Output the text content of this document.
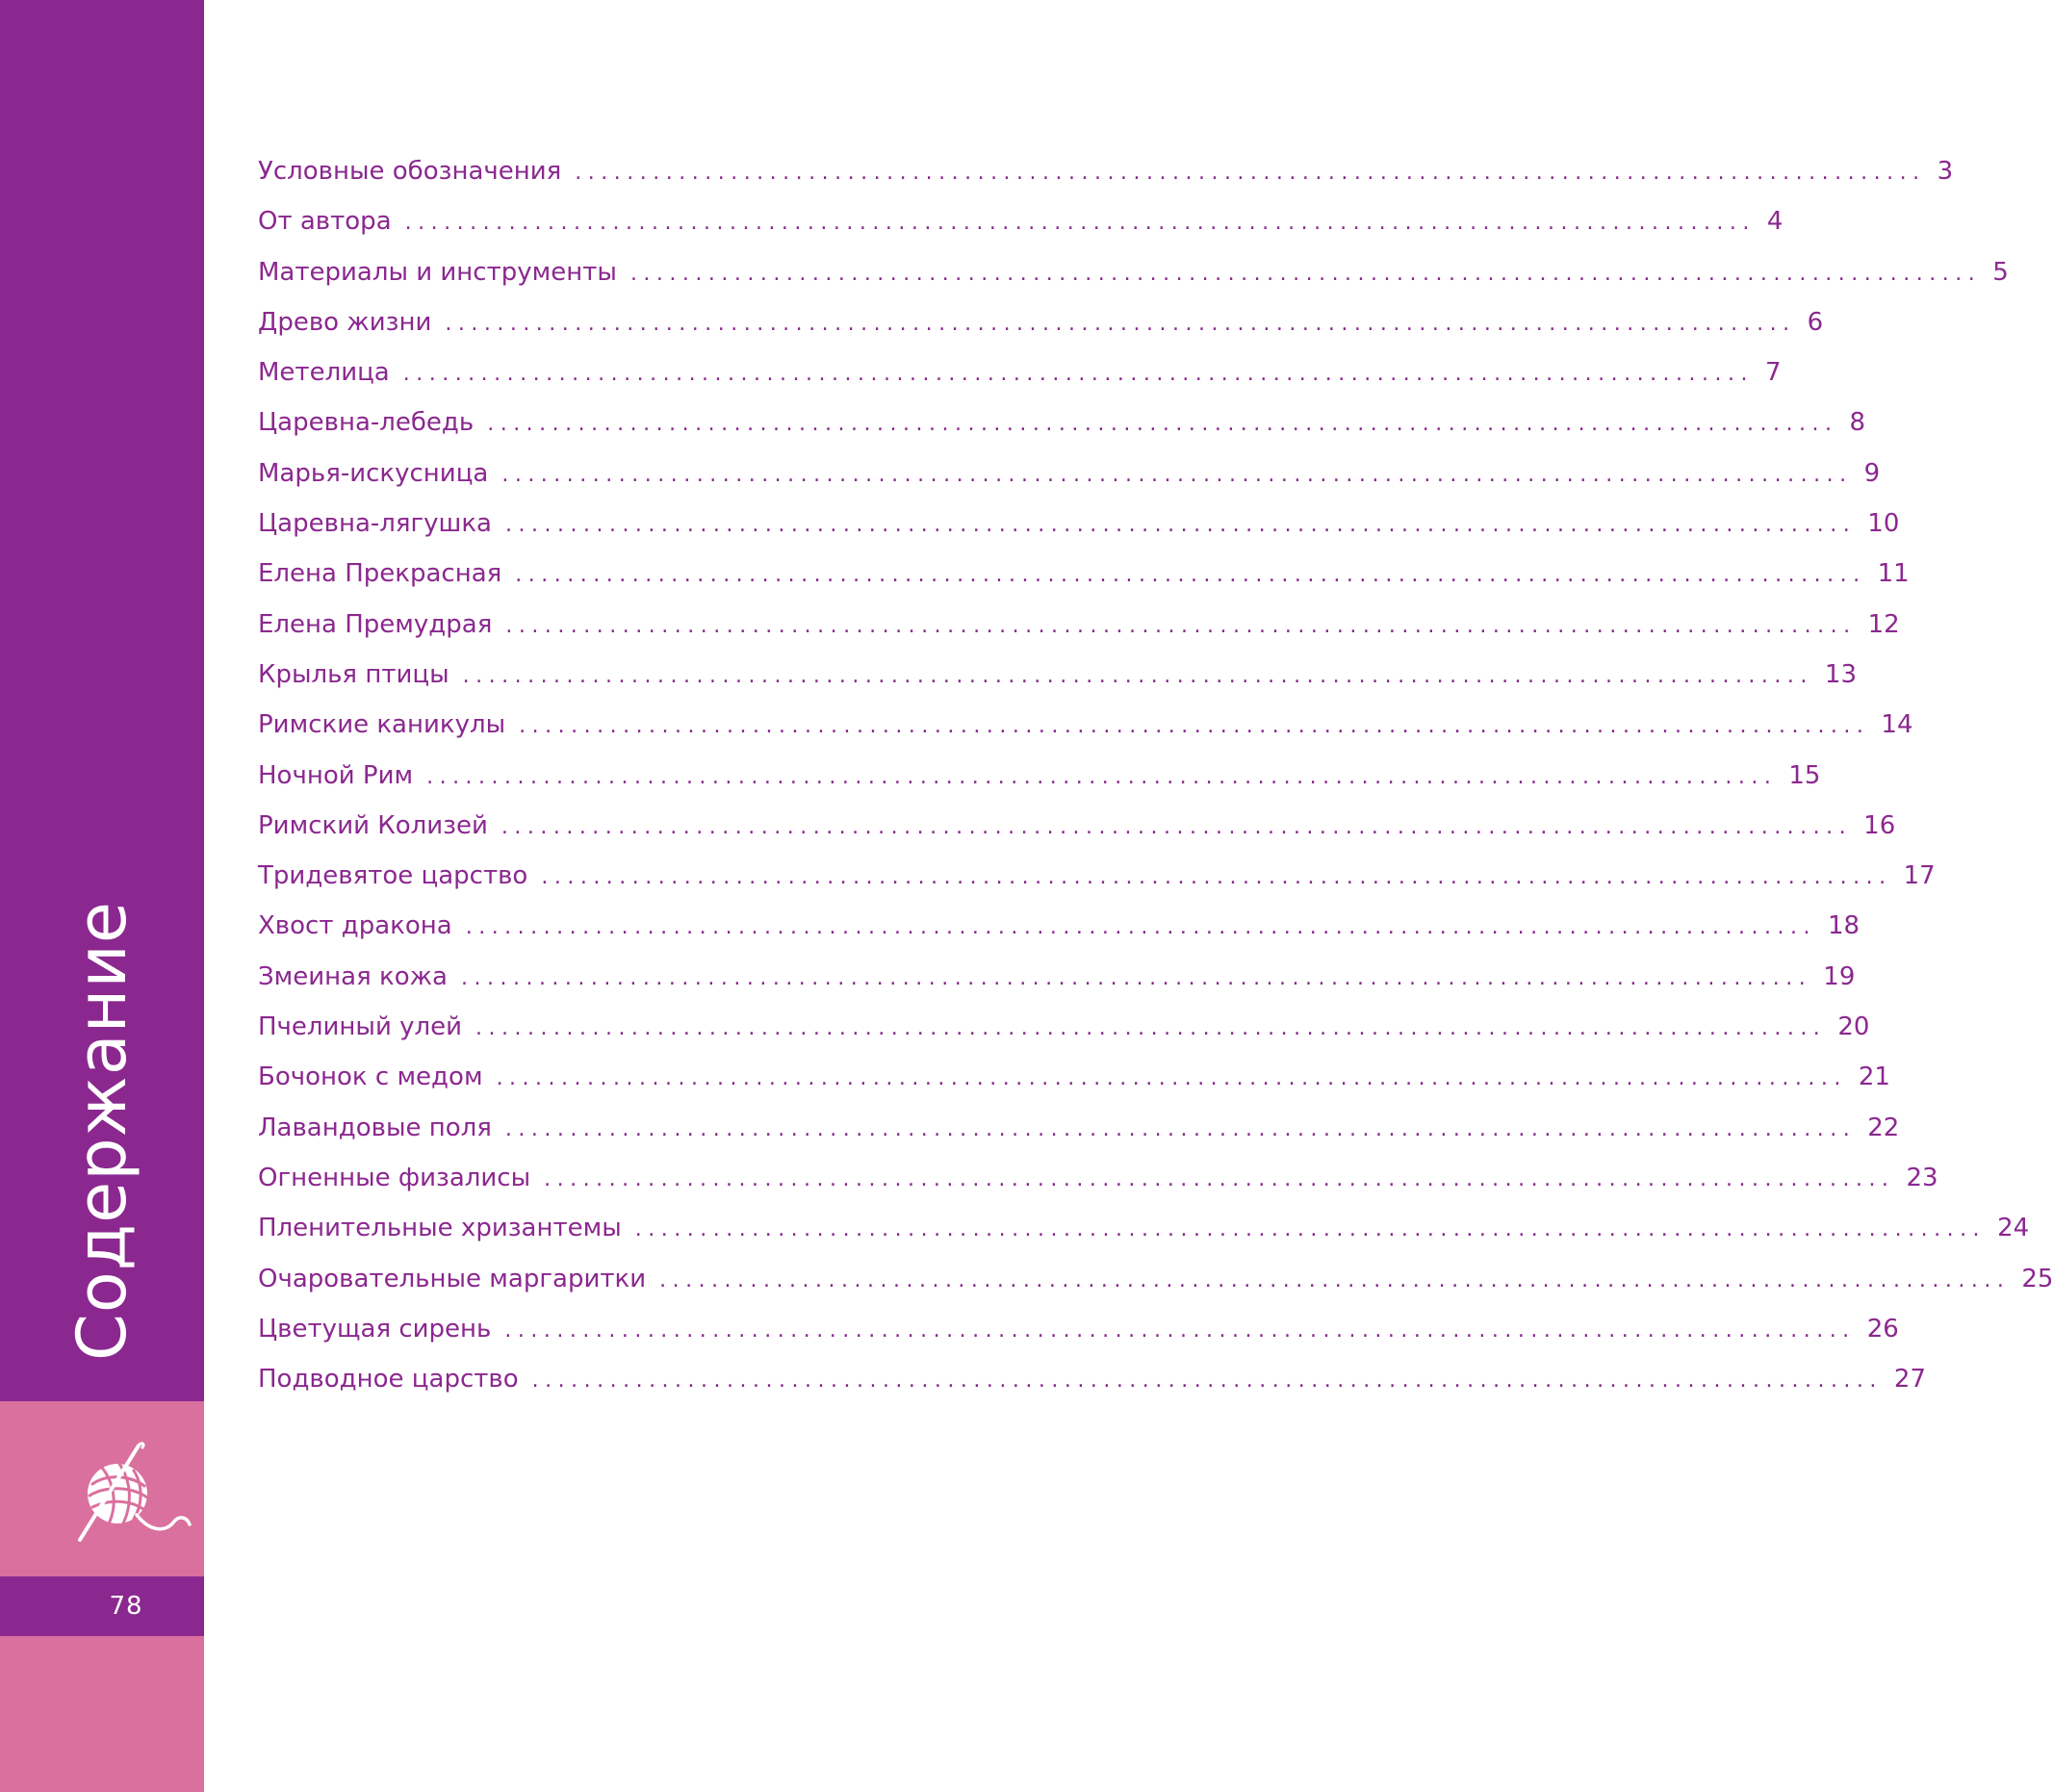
Содержание
78
Условные обозначения ........................................................................................................ 3
От автора ........................................................................................................ 4
Материалы и инструменты ........................................................................................................ 5
Древо жизни ........................................................................................................ 6
Метелица ........................................................................................................ 7
Царевна-лебедь ........................................................................................................ 8
Марья-искусница ........................................................................................................ 9
Царевна-лягушка ........................................................................................................ 10
Елена Прекрасная ........................................................................................................ 11
Елена Премудрая ........................................................................................................ 12
Крылья птицы ........................................................................................................ 13
Римские каникулы ........................................................................................................ 14
Ночной Рим ........................................................................................................ 15
Римский Колизей ........................................................................................................ 16
Тридевятое царство ........................................................................................................ 17
Хвост дракона ........................................................................................................ 18
Змеиная кожа ........................................................................................................ 19
Пчелиный улей ........................................................................................................ 20
Бочонок с медом ........................................................................................................ 21
Лавандовые поля ........................................................................................................ 22
Огненные физалисы ........................................................................................................ 23
Пленительные хризантемы ........................................................................................................ 24
Очаровательные маргаритки ........................................................................................................ 25
Цветущая сирень ........................................................................................................ 26
Подводное царство ........................................................................................................ 27
